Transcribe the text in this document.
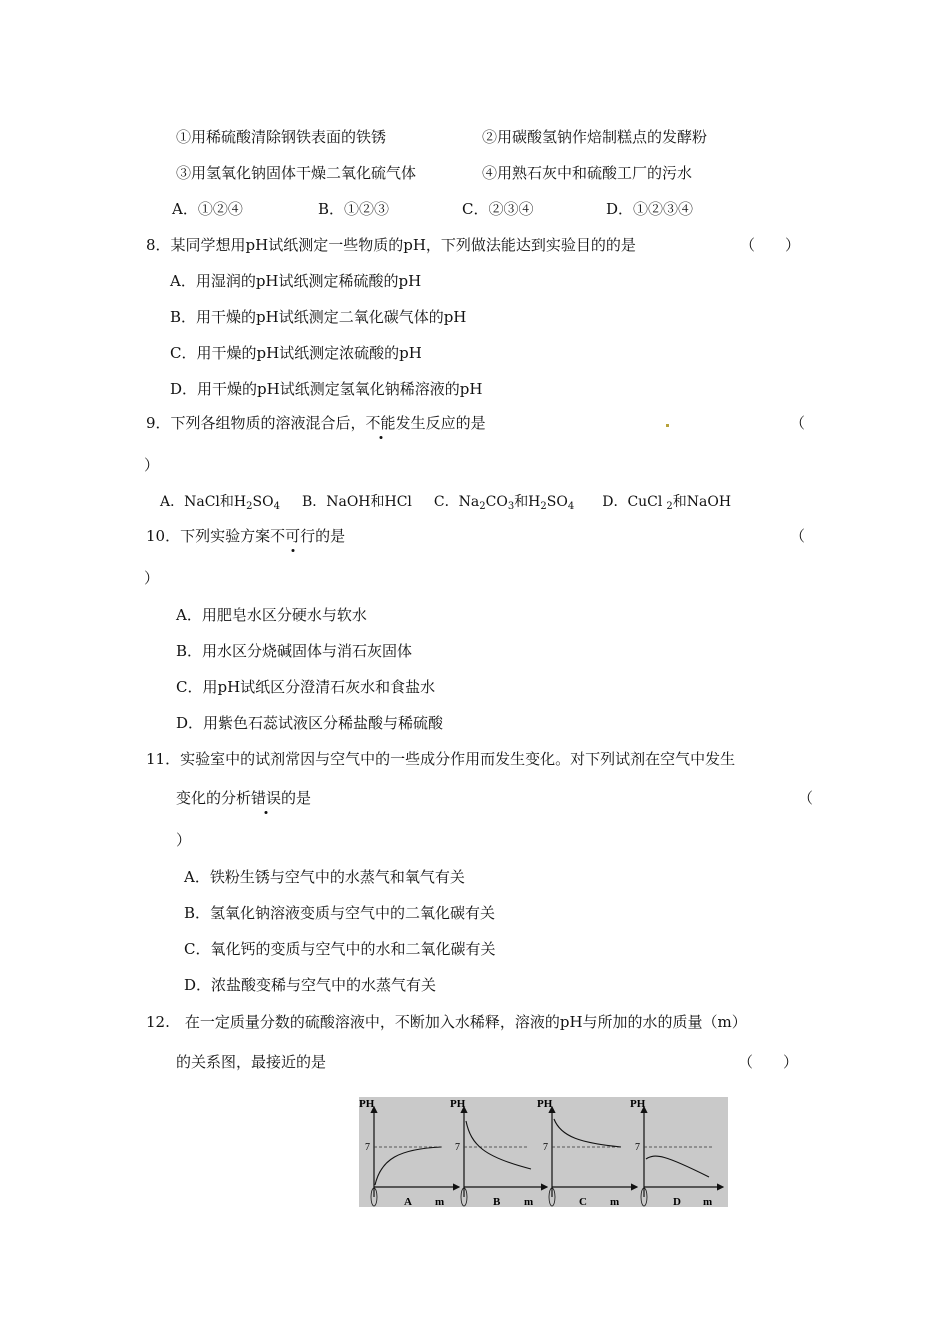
①用稀硫酸清除钢铁表面的铁锈	②用碳酸氢钠作焙制糕点的发酵粉
③用氢氧化钠固体干燥二氧化硫气体	④用熟石灰中和硫酸工厂的污水
A．①②④	B．①②③	C．②③④	D．①②③④
8．某同学想用pH试纸测定一些物质的pH，下列做法能达到实验目的的是	（　　）
A．用湿润的pH试纸测定稀硫酸的pH
B．用干燥的pH试纸测定二氧化碳气体的pH
C．用干燥的pH试纸测定浓硫酸的pH
D．用干燥的pH试纸测定氢氧化钠稀溶液的pH
9．下列各组物质的溶液混合后，不能发生反应的是	（
）
A．NaCl和$H_2SO_4$ B．NaOH和HCl C．$Na_2CO_3$和$H_2SO_4$ D．CuCl $_2$和NaOH
10．下列实验方案不可行的是	（
）
A．用肥皂水区分硬水与软水
B．用水区分烧碱固体与消石灰固体
C．用pH试纸区分澄清石灰水和食盐水
D．用紫色石蕊试液区分稀盐酸与稀硫酸
11．实验室中的试剂常因与空气中的一些成分作用而发生变化。对下列试剂在空气中发生
变化的分析错误的是	（
）
A．铁粉生锈与空气中的水蒸气和氧气有关
B．氢氧化钠溶液变质与空气中的二氧化碳有关
C．氧化钙的变质与空气中的水和二氧化碳有关
D．浓盐酸变稀与空气中的水蒸气有关
12.　在一定质量分数的硫酸溶液中，不断加入水稀释，溶液的pH与所加的水的质量（m）
的关系图，最接近的是	（　　）
PH
7
A m
PH
7
B m
PH
7
C m
PH
7
D m
